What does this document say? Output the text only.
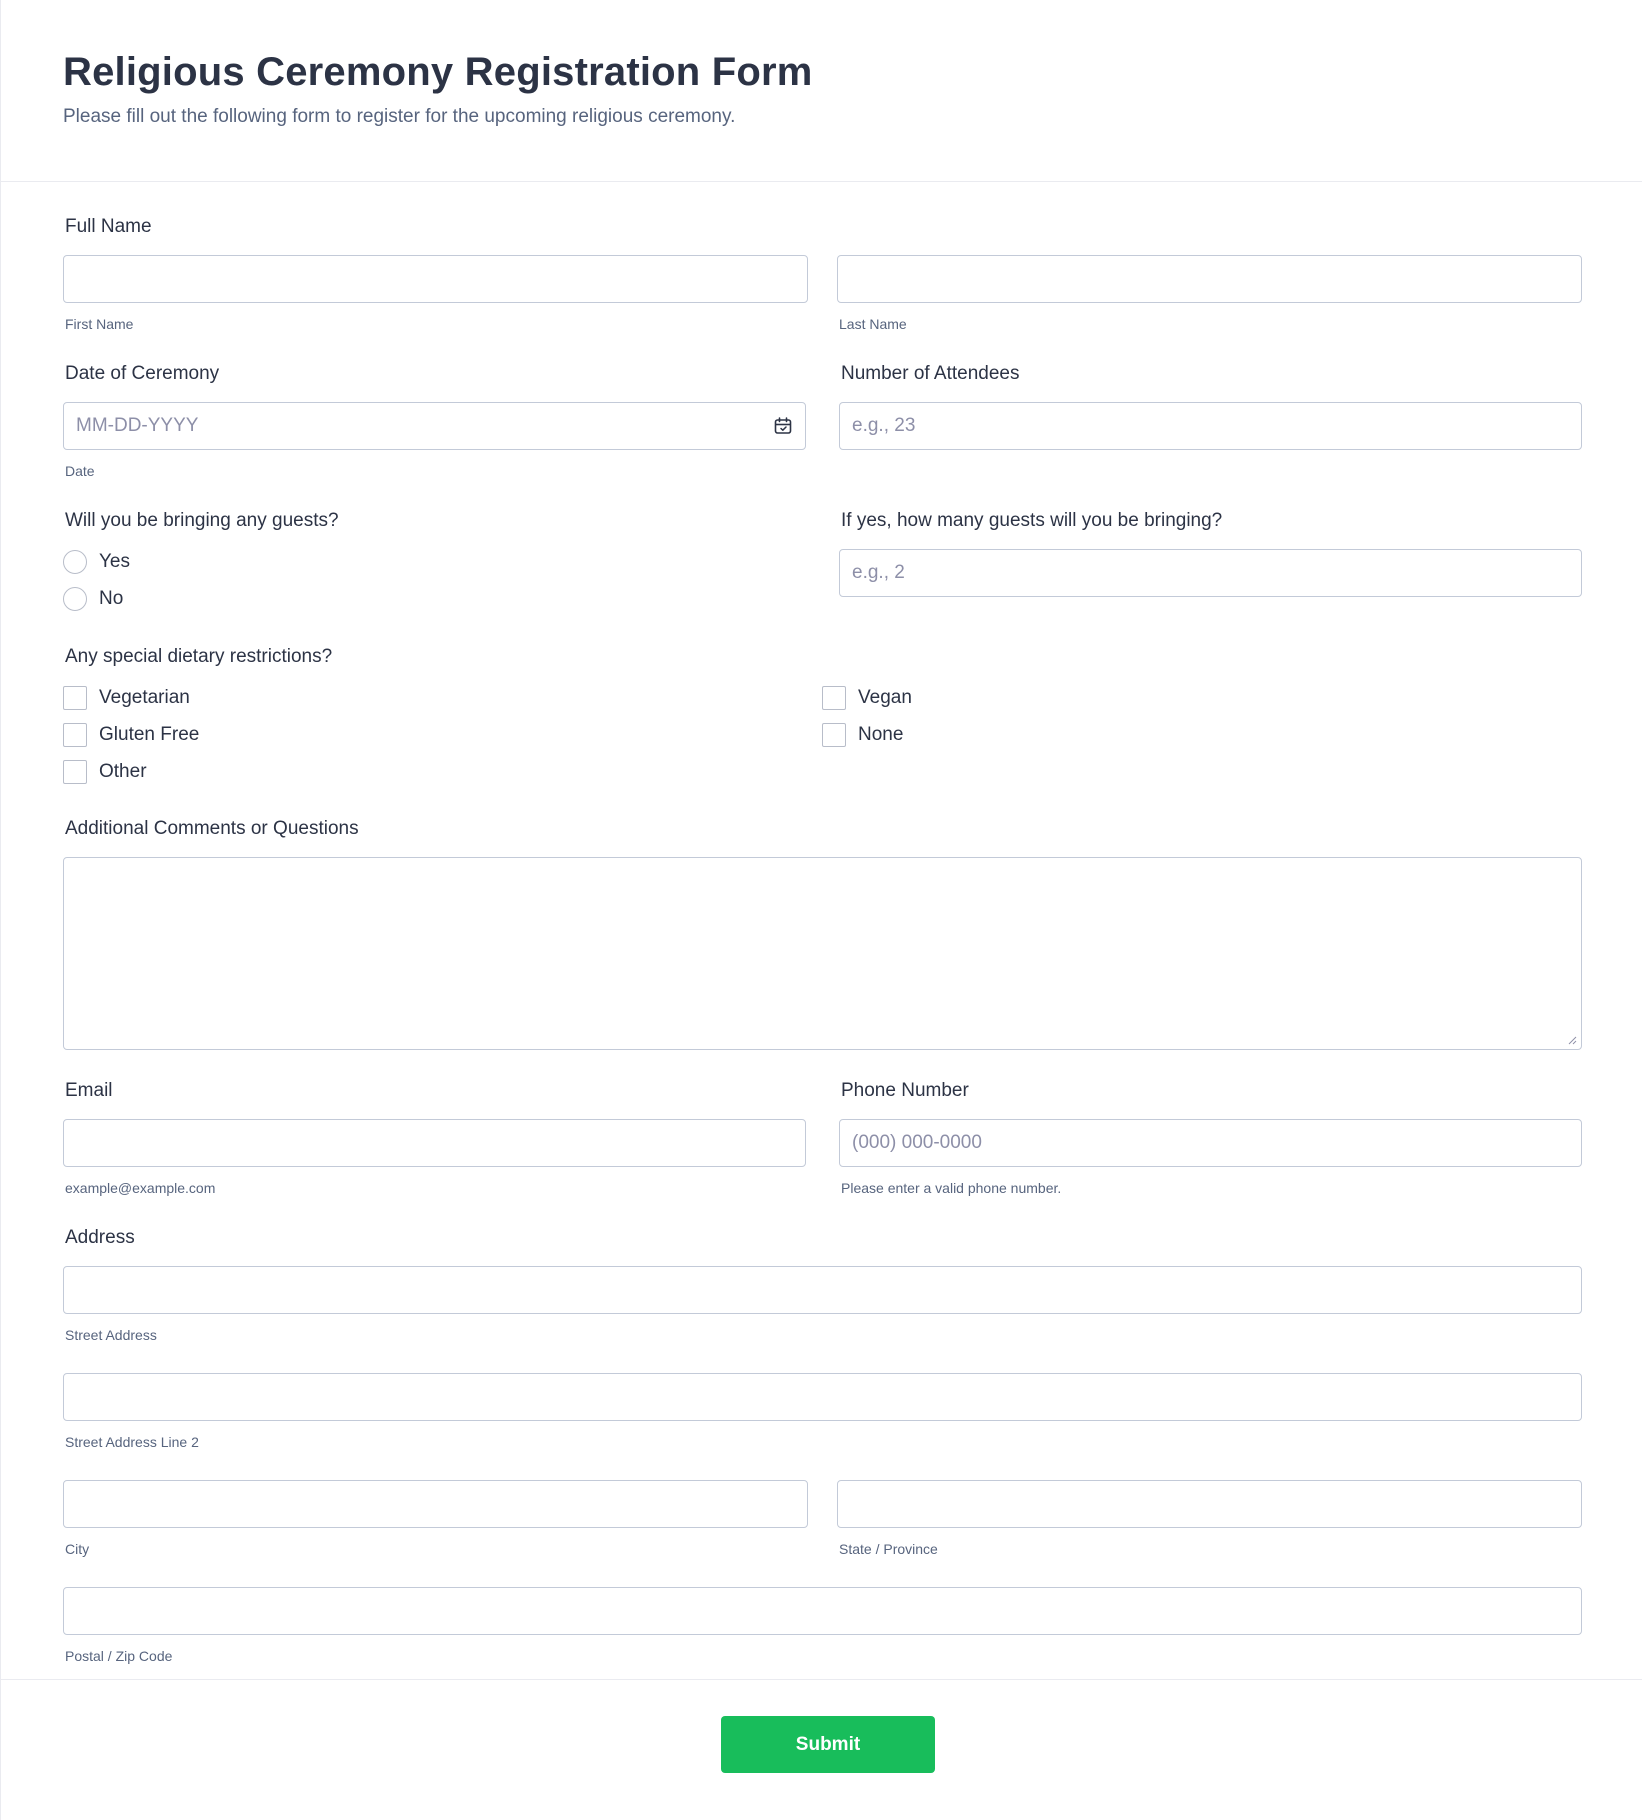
Religious Ceremony Registration Form

Please fill out the following form to register for the upcoming religious ceremony.

Full Name
First Name	Last Name
Date of Ceremony
MM-DD-YYYY
Date
Number of Attendees
e.g., 23
Will you be bringing any guests?
Yes
No
If yes, how many guests will you be bringing?
e.g., 2
Any special dietary restrictions?
Vegetarian	Vegan
Gluten Free	None
Other
Additional Comments or Questions
Email
example@example.com
Phone Number
(000) 000-0000
Please enter a valid phone number.
Address
Street Address
Street Address Line 2
City	State / Province
Postal / Zip Code
Submit
